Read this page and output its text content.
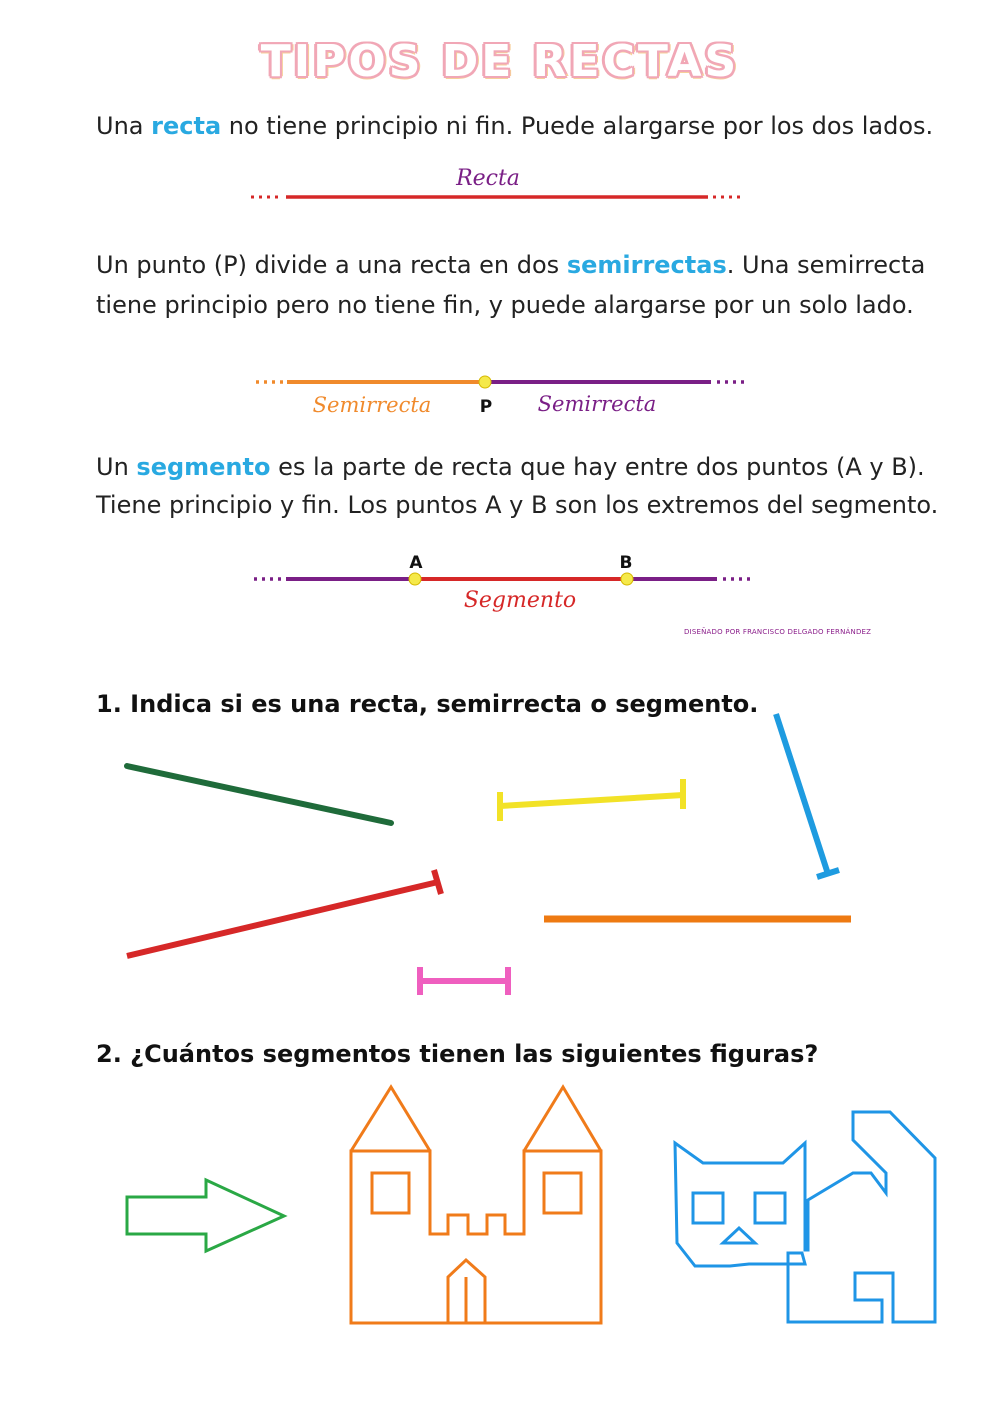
TIPOS DE RECTAS
Una recta no tiene principio ni fin. Puede alargarse por los dos lados.
Un punto (P) divide a una recta en dos semirrectas. Una semirrecta
tiene principio pero no tiene fin, y puede alargarse por un solo lado.
Un segmento es la parte de recta que hay entre dos puntos (A y B).
Tiene principio y fin. Los puntos A y B son los extremos del segmento.
DISEÑADO POR FRANCISCO DELGADO FERNÁNDEZ
1. Indica si es una recta, semirrecta o segmento.
2. ¿Cuántos segmentos tienen las siguientes figuras?
Recta
Semirrecta	P Semirrecta
A	B
Segmento
